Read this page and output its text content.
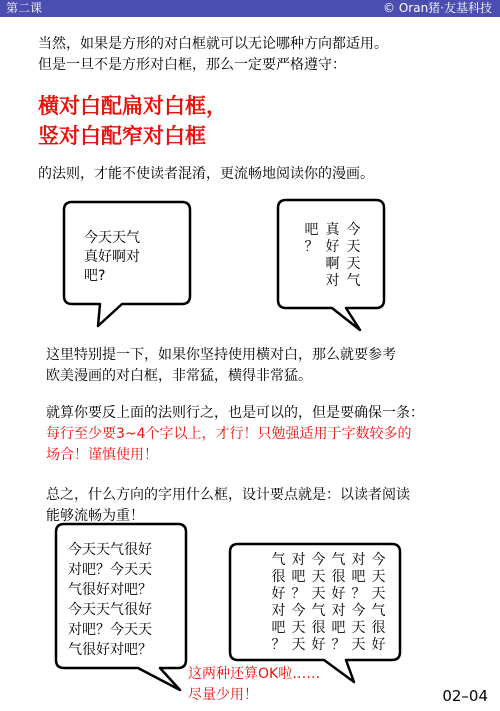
第二课	© Oran猪·友基科技
当然，如果是方形的对白框就可以无论哪种方向都适用。
但是一旦不是方形对白框，那么一定要严格遵守：
横对白配扁对白框，
竖对白配窄对白框
的法则，才能不使读者混淆，更流畅地阅读你的漫画。
今天天气
真好啊对
吧?
今
天
天
气
真
好
啊
对
吧
？
这里特别提一下，如果你坚持使用横对白，那么就要参考
欧美漫画的对白框，非常猛，横得非常猛。
就算你要反上面的法则行之，也是可以的，但是要确保一条：
每行至少要3~4个字以上，才行！只勉强适用于字数较多的
场合！谨慎使用！
总之，什么方向的字用什么框，设计要点就是：以读者阅读
能够流畅为重！
今天天气很好
对吧？今天天
气很好对吧？
今天天气很好
对吧？今天天
气很好对吧？
今
天
天
气
很
好
对
吧
？
今
天
天
气
很
好
对
吧
？
今
天
天
气
很
好
对
吧
？
今
天
天
气
很
好
对
吧
？
这两种还算OK啦……
尽量少用！	02–04
